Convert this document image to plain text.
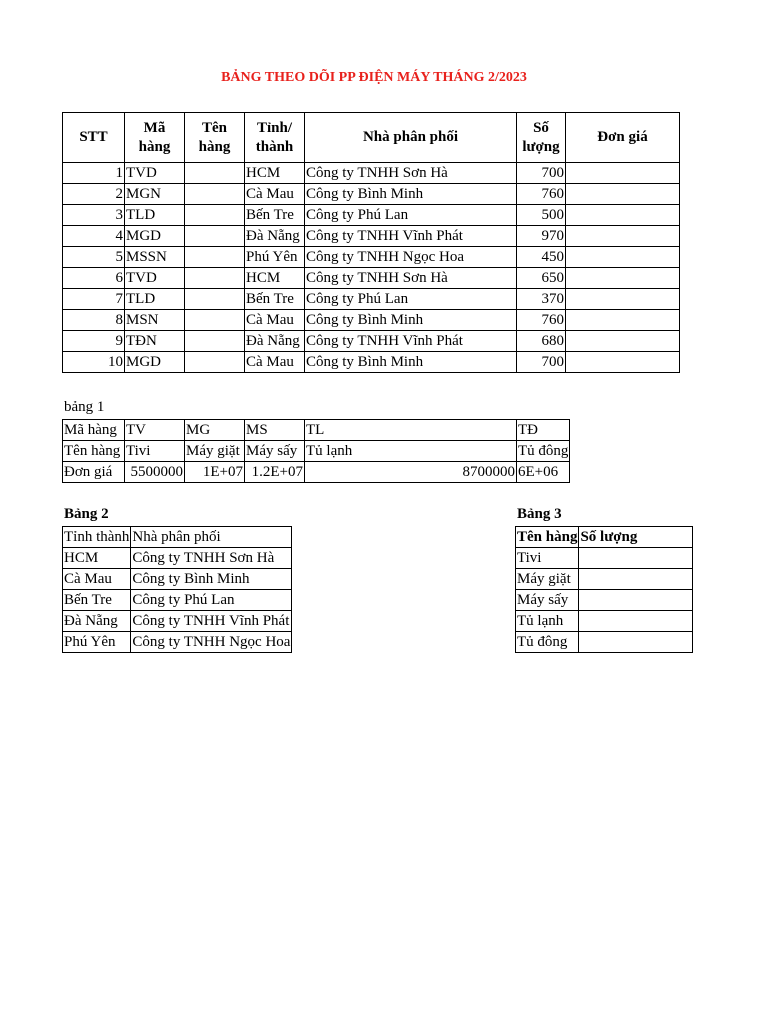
BẢNG THEO DÕI PP ĐIỆN MÁY THÁNG 2/2023
STT	Mã hàng	Tên hàng	Tỉnh/ thành	Nhà phân phối	Số lượng	Đơn giá
1	TVD		HCM	Công ty TNHH Sơn Hà	700	
2	MGN		Cà Mau	Công ty Bình Minh	760	
3	TLD		Bến Tre	Công ty Phú Lan	500	
4	MGD		Đà Nẵng	Công ty TNHH Vĩnh Phát	970	
5	MSSN		Phú Yên	Công ty TNHH Ngọc Hoa	450	
6	TVD		HCM	Công ty TNHH Sơn Hà	650	
7	TLD		Bến Tre	Công ty Phú Lan	370	
8	MSN		Cà Mau	Công ty Bình Minh	760	
9	TĐN		Đà Nẵng	Công ty TNHH Vĩnh Phát	680	
10	MGD		Cà Mau	Công ty Bình Minh	700	
bảng 1
Mã hàng	TV	MG	MS	TL	TĐ
Tên hàng	Tivi	Máy giặt	Máy sấy	Tủ lạnh	Tủ đông
Đơn giá	5500000	1E+07	1.2E+07	8700000	6E+06
Bảng 2
Tỉnh thành	Nhà phân phối
HCM	Công ty TNHH Sơn Hà
Cà Mau	Công ty Bình Minh
Bến Tre	Công ty Phú Lan
Đà Nẵng	Công ty TNHH Vĩnh Phát
Phú Yên	Công ty TNHH Ngọc Hoa
Bảng 3
Tên hàng	Số lượng
Tivi	
Máy giặt	
Máy sấy	
Tủ lạnh	
Tủ đông	
